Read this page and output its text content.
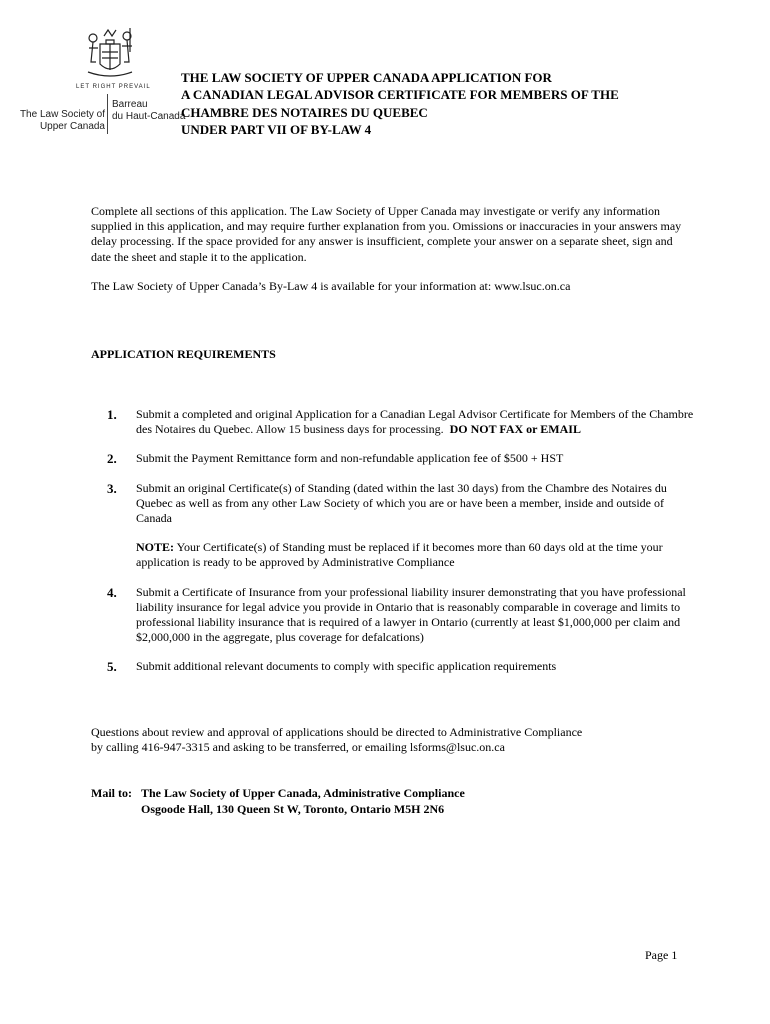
LET RIGHT PREVAIL
The Law Society of
Upper Canada
Barreau
du Haut-Canada
THE LAW SOCIETY OF UPPER CANADA APPLICATION FOR
A CANADIAN LEGAL ADVISOR CERTIFICATE FOR MEMBERS OF THE
CHAMBRE DES NOTAIRES DU QUEBEC
UNDER PART VII OF BY-LAW 4
Complete all sections of this application. The Law Society of Upper Canada may investigate or verify any information supplied in this application, and may require further explanation from you. Omissions or inaccuracies in your answers may delay processing. If the space provided for any answer is insufficient, complete your answer on a separate sheet, sign and date the sheet and staple it to the application.
The Law Society of Upper Canada’s By-Law 4 is available for your information at: www.lsuc.on.ca
APPLICATION REQUIREMENTS
1.	Submit a completed and original Application for a Canadian Legal Advisor Certificate for Members of the Chambre des Notaires du Quebec. Allow 15 business days for processing. DO NOT FAX or EMAIL
2.	Submit the Payment Remittance form and non-refundable application fee of $500 + HST
3.	Submit an original Certificate(s) of Standing (dated within the last 30 days) from the Chambre des Notaires du Quebec as well as from any other Law Society of which you are or have been a member, inside and outside of Canada
NOTE: Your Certificate(s) of Standing must be replaced if it becomes more than 60 days old at the time your application is ready to be approved by Administrative Compliance
4.	Submit a Certificate of Insurance from your professional liability insurer demonstrating that you have professional liability insurance for legal advice you provide in Ontario that is reasonably comparable in coverage and limits to professional liability insurance that is required of a lawyer in Ontario (currently at least $1,000,000 per claim and $2,000,000 in the aggregate, plus coverage for defalcations)
5.	Submit additional relevant documents to comply with specific application requirements
Questions about review and approval of applications should be directed to Administrative Compliance
by calling 416-947-3315 and asking to be transferred, or emailing lsforms@lsuc.on.ca
Mail to: The Law Society of Upper Canada, Administrative Compliance
Osgoode Hall, 130 Queen St W, Toronto, Ontario M5H 2N6
Page 1
